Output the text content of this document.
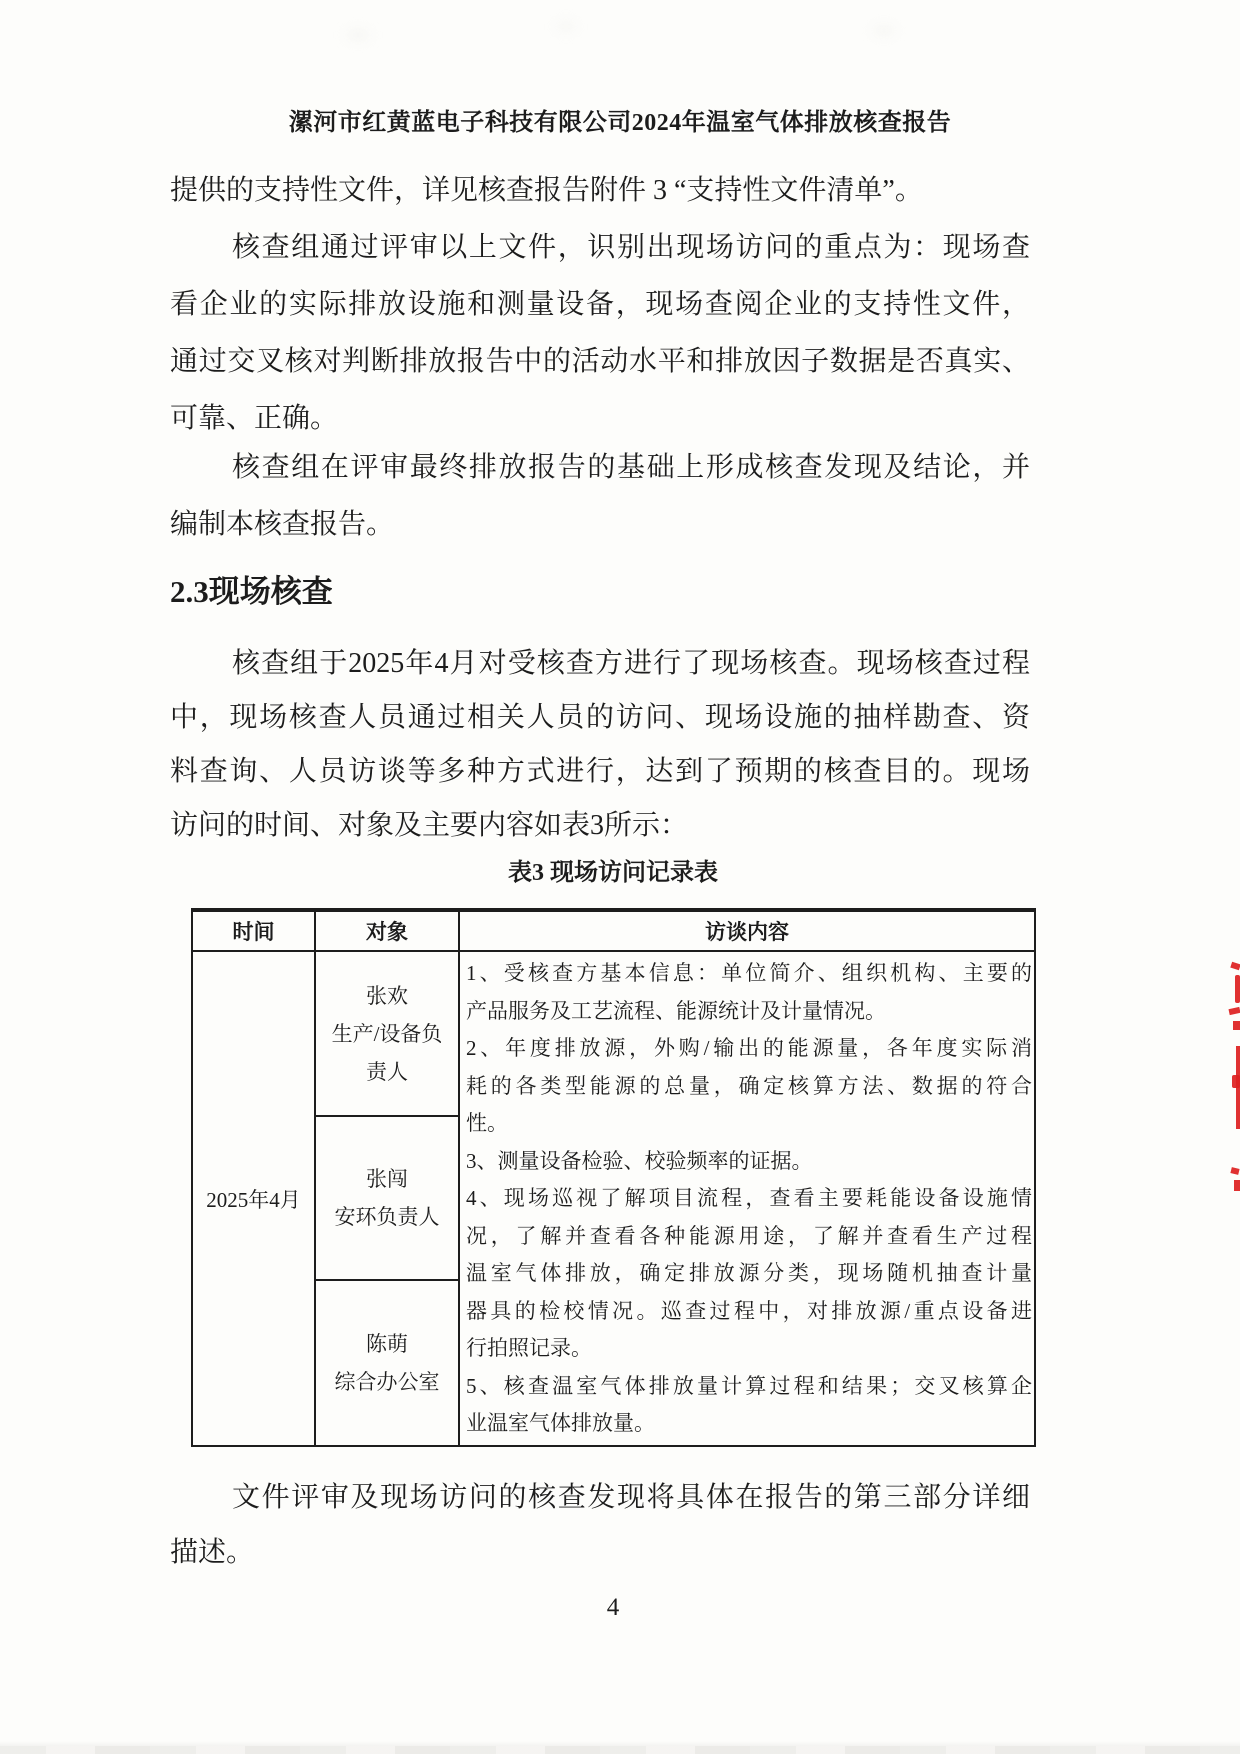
漯河市红黄蓝电子科技有限公司2024年温室气体排放核查报告
提供的支持性文件，详见核查报告附件 3 “支持性文件清单”。
核查组通过评审以上文件，识别出现场访问的重点为：现场查
看企业的实际排放设施和测量设备，现场查阅企业的支持性文件，
通过交叉核对判断排放报告中的活动水平和排放因子数据是否真实、
可靠、正确。
核查组在评审最终排放报告的基础上形成核查发现及结论，并
编制本核查报告。
2.3现场核查
核查组于2025年4月对受核查方进行了现场核查。现场核查过程
中，现场核查人员通过相关人员的访问、现场设施的抽样勘查、资
料查询、人员访谈等多种方式进行，达到了预期的核查目的。现场
访问的时间、对象及主要内容如表3所示：
表3 现场访问记录表
时间	对象	访谈内容
2025年4月
张欢
生产/设备负
责人
张闯
安环负责人
陈萌
综合办公室
1、受核查方基本信息：单位简介、组织机构、主要的
产品服务及工艺流程、能源统计及计量情况。
2、年度排放源，外购/输出的能源量，各年度实际消
耗的各类型能源的总量，确定核算方法、数据的符合
性。
3、测量设备检验、校验频率的证据。
4、现场巡视了解项目流程，查看主要耗能设备设施情
况，了解并查看各种能源用途，了解并查看生产过程
温室气体排放，确定排放源分类，现场随机抽查计量
器具的检校情况。巡查过程中，对排放源/重点设备进
行拍照记录。
5、核查温室气体排放量计算过程和结果；交叉核算企
业温室气体排放量。
文件评审及现场访问的核查发现将具体在报告的第三部分详细
描述。
4
